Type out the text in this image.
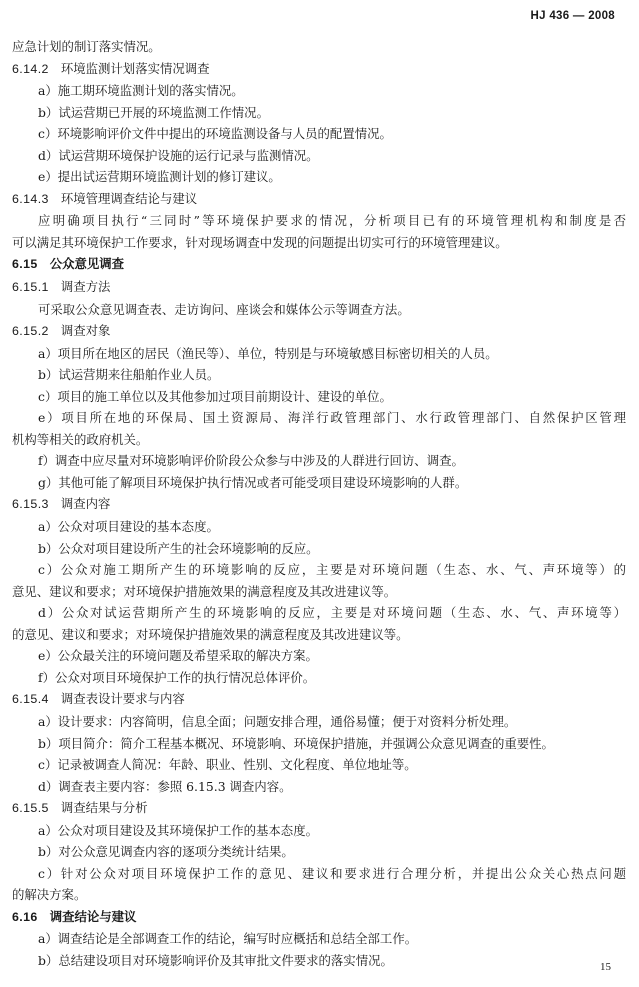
HJ 436 — 2008
应急计划的制订落实情况。
6.14.2 环境监测计划落实情况调查
a）施工期环境监测计划的落实情况。
b）试运营期已开展的环境监测工作情况。
c）环境影响评价文件中提出的环境监测设备与人员的配置情况。
d）试运营期环境保护设施的运行记录与监测情况。
e）提出试运营期环境监测计划的修订建议。
6.14.3 环境管理调查结论与建议
应明确项目执行“三同时”等环境保护要求的情况，分析项目已有的环境管理机构和制度是否
可以满足其环境保护工作要求，针对现场调查中发现的问题提出切实可行的环境管理建议。
6.15 公众意见调查
6.15.1 调查方法
可采取公众意见调查表、走访询问、座谈会和媒体公示等调查方法。
6.15.2 调查对象
a）项目所在地区的居民（渔民等）、单位，特别是与环境敏感目标密切相关的人员。
b）试运营期来往船舶作业人员。
c）项目的施工单位以及其他参加过项目前期设计、建设的单位。
e）项目所在地的环保局、国土资源局、海洋行政管理部门、水行政管理部门、自然保护区管理
机构等相关的政府机关。
f）调查中应尽量对环境影响评价阶段公众参与中涉及的人群进行回访、调查。
g）其他可能了解项目环境保护执行情况或者可能受项目建设环境影响的人群。
6.15.3 调查内容
a）公众对项目建设的基本态度。
b）公众对项目建设所产生的社会环境影响的反应。
c）公众对施工期所产生的环境影响的反应，主要是对环境问题（生态、水、气、声环境等）的
意见、建议和要求；对环境保护措施效果的满意程度及其改进建议等。
d）公众对试运营期所产生的环境影响的反应，主要是对环境问题（生态、水、气、声环境等）
的意见、建议和要求；对环境保护措施效果的满意程度及其改进建议等。
e）公众最关注的环境问题及希望采取的解决方案。
f）公众对项目环境保护工作的执行情况总体评价。
6.15.4 调查表设计要求与内容
a）设计要求：内容简明，信息全面；问题安排合理，通俗易懂；便于对资料分析处理。
b）项目简介：简介工程基本概况、环境影响、环境保护措施，并强调公众意见调查的重要性。
c）记录被调查人简况：年龄、职业、性别、文化程度、单位地址等。
d）调查表主要内容：参照 6.15.3 调查内容。
6.15.5 调查结果与分析
a）公众对项目建设及其环境保护工作的基本态度。
b）对公众意见调查内容的逐项分类统计结果。
c）针对公众对项目环境保护工作的意见、建议和要求进行合理分析，并提出公众关心热点问题
的解决方案。
6.16 调查结论与建议
a）调查结论是全部调查工作的结论，编写时应概括和总结全部工作。
b）总结建设项目对环境影响评价及其审批文件要求的落实情况。	15
